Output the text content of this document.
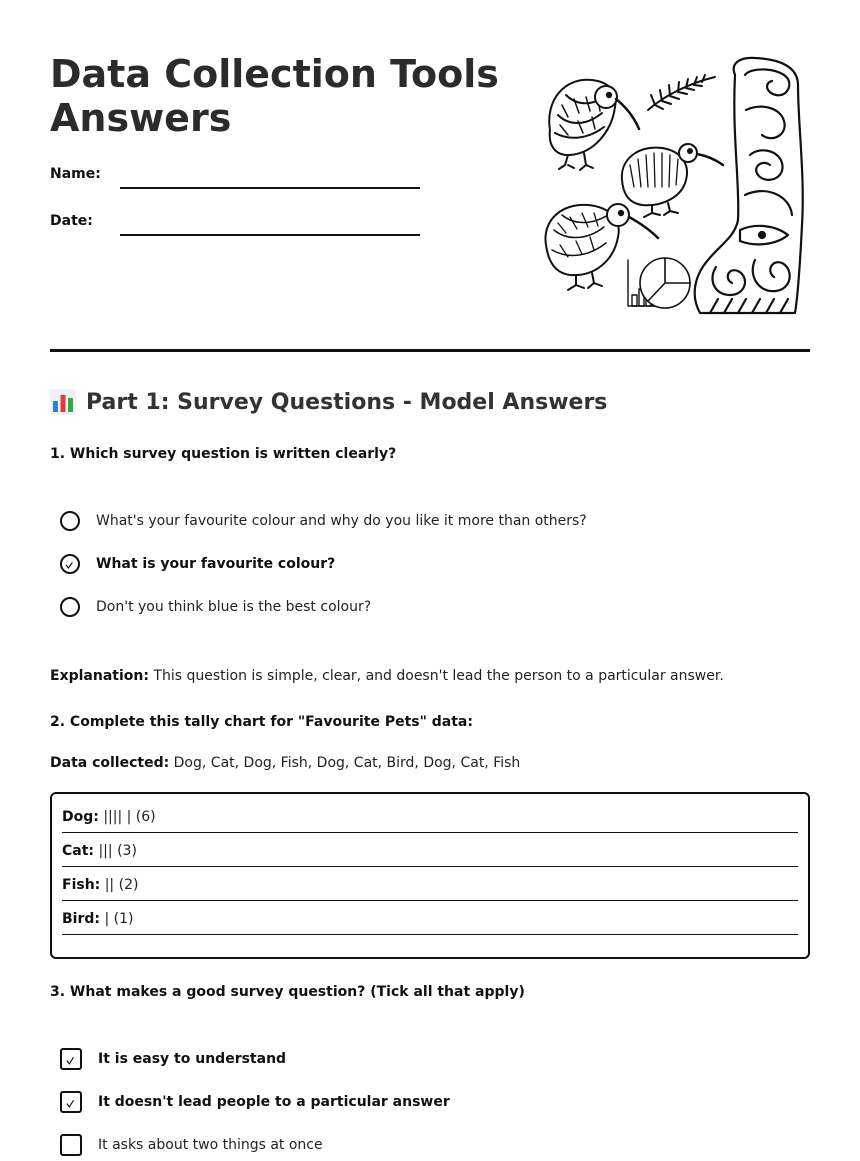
Data Collection Tools Answers
Name:
Date:
Part 1: Survey Questions - Model Answers
1. Which survey question is written clearly?
What's your favourite colour and why do you like it more than others?
What is your favourite colour?
Don't you think blue is the best colour?
Explanation: This question is simple, clear, and doesn't lead the person to a particular answer.
2. Complete this tally chart for "Favourite Pets" data:
Data collected: Dog, Cat, Dog, Fish, Dog, Cat, Bird, Dog, Cat, Fish
Dog: |||| | (6)
Cat: ||| (3)
Fish: || (2)
Bird: | (1)
3. What makes a good survey question? (Tick all that apply)
It is easy to understand
It doesn't lead people to a particular answer
It asks about two things at once
